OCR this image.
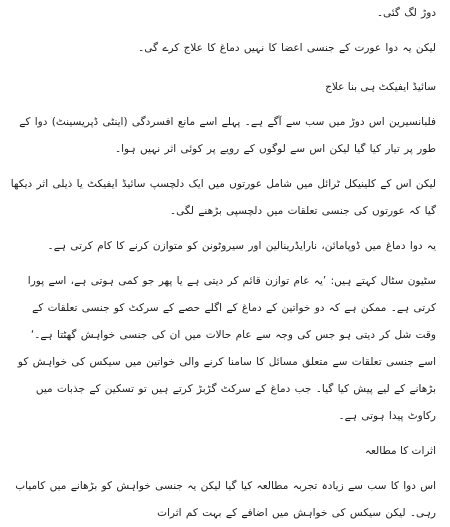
دوڑ لگ گئی۔

لیکن یہ دوا عورت کے جنسی اعضا کا نہیں دماغ کا علاج کرے گی۔

سائیڈ ایفیکٹ ہی بنا علاج

فلبانسیرین اس دوڑ میں سب سے آگے ہے۔ پہلے اسے مانع افسردگی (اینٹی ڈپریسینٹ) دوا کے طور پر تیار کیا گیا لیکن اس سے لوگوں کے رویے پر کوئی اثر نہیں ہوا۔

لیکن اس کے کلینیکل ٹرائل میں شامل عورتوں میں ایک دلچسپ سائیڈ ایفیکٹ یا ذیلی اثر دیکھا گیا کہ عورتوں کی جنسی تعلقات میں دلچسپی بڑھنے لگی۔

یہ دوا دماغ میں ڈوپامائن، نارایڈرینالین اور سیروٹونن کو متوازن کرنے کا کام کرتی ہے۔

سٹیون سٹال کہتے ہیں: ’یہ عام توازن قائم کر دیتی ہے یا پھر جو کمی ہوتی ہے، اسے پورا کرتی ہے۔ ممکن ہے کہ دو خواتین کے دماغ کے اگلے حصے کے سرکٹ کو جنسی تعلقات کے وقت شل کر دیتی ہو جس کی وجہ سے عام حالات میں ان کی جنسی خواہش گھٹتا ہے۔‘ اسے جنسی تعلقات سے متعلق مسائل کا سامنا کرنے والی خواتین میں سیکس کی خواہش کو بڑھانے کے لیے پیش کیا گیا۔ جب دماغ کے سرکٹ گڑبڑ کرتے ہیں تو تسکین کے جذبات میں رکاوٹ پیدا ہوتی ہے۔

اثرات کا مطالعہ

اس دوا کا سب سے زیادہ تجربہ مطالعہ کیا گیا لیکن یہ جنسی خواہش کو بڑھانے میں کامیاب رہی۔ لیکن سیکس کی خواہش میں اضافے کے بہت کم اثرات
